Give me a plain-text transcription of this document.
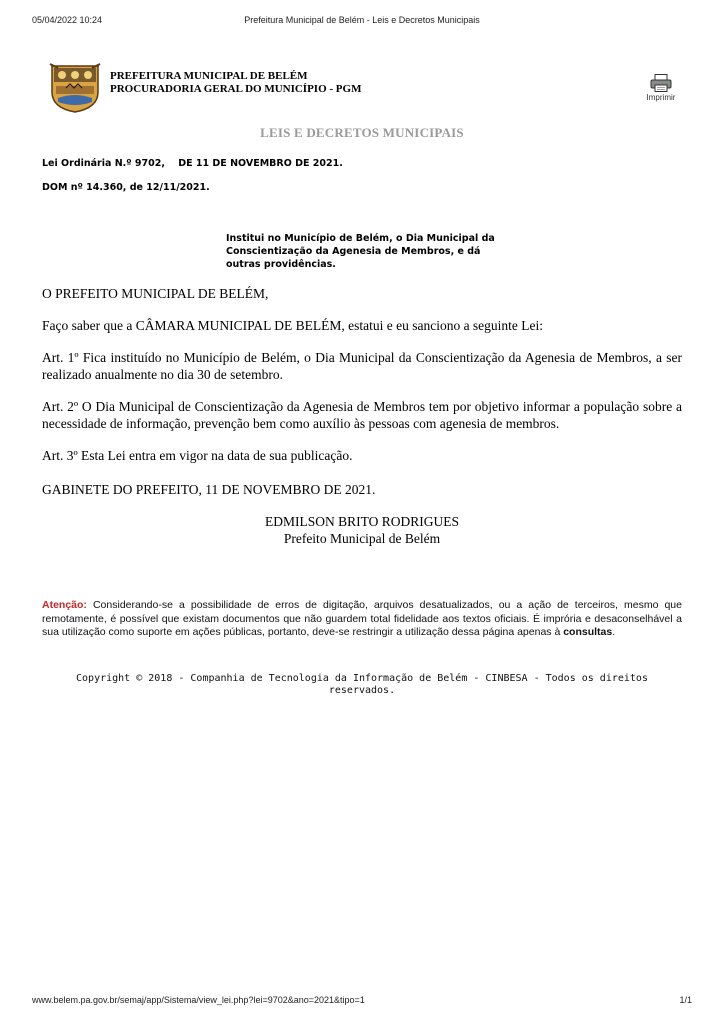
05/04/2022 10:24	Prefeitura Municipal de Belém - Leis e Decretos Municipais
PREFEITURA MUNICIPAL DE BELÉM
PROCURADORIA GERAL DO MUNICÍPIO - PGM
Imprimir
LEIS E DECRETOS MUNICIPAIS
Lei Ordinária N.º 9702,    DE 11 DE NOVEMBRO DE 2021.
DOM nº 14.360, de 12/11/2021.
Institui no Município de Belém, o Dia Municipal da Conscientização da Agenesia de Membros, e dá outras providências.
O PREFEITO MUNICIPAL DE BELÉM,
Faço saber que a CÂMARA MUNICIPAL DE BELÉM, estatui e eu sanciono a seguinte Lei:
Art. 1º Fica instituído no Município de Belém, o Dia Municipal da Conscientização da Agenesia de Membros, a ser realizado anualmente no dia 30 de setembro.
Art. 2º O Dia Municipal de Conscientização da Agenesia de Membros tem por objetivo informar a população sobre a necessidade de informação, prevenção bem como auxílio às pessoas com agenesia de membros.
Art. 3º Esta Lei entra em vigor na data de sua publicação.
GABINETE DO PREFEITO, 11 DE NOVEMBRO DE 2021.
EDMILSON BRITO RODRIGUES
Prefeito Municipal de Belém
Atenção: Considerando-se a possibilidade de erros de digitação, arquivos desatualizados, ou a ação de terceiros, mesmo que remotamente, é possível que existam documentos que não guardem total fidelidade aos textos oficiais. É imprória e desaconselhável a sua utilização como suporte em ações públicas, portanto, deve-se restringir a utilização dessa página apenas à consultas.
Copyright © 2018 - Companhia de Tecnologia da Informação de Belém - CINBESA - Todos os direitos reservados.
www.belem.pa.gov.br/semaj/app/Sistema/view_lei.php?lei=9702&ano=2021&tipo=1	1/1
